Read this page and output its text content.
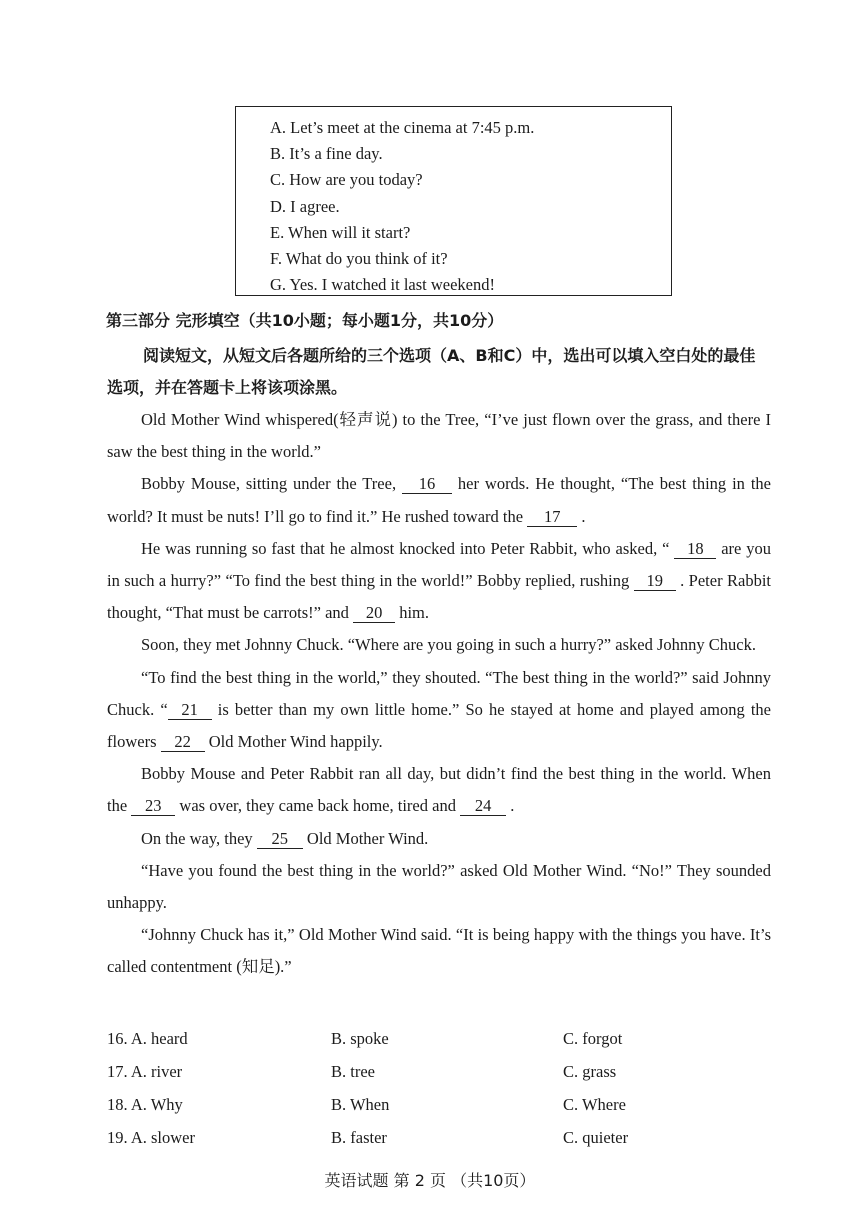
A. Let’s meet at the cinema at 7:45 p.m.
B. It’s a fine day.
C. How are you today?
D. I agree.
E. When will it start?
F. What do you think of it?
G. Yes. I watched it last weekend!
第三部分 完形填空（共10小题；每小题1分，共10分）
阅读短文，从短文后各题所给的三个选项（A、B和C）中，选出可以填入空白处的最佳选项，并在答题卡上将该项涂黑。

Old Mother Wind whispered(轻声说) to the Tree, “I’ve just flown over the grass, and there I saw the best thing in the world.”

Bobby Mouse, sitting under the Tree, 16 her words. He thought, “The best thing in the world? It must be nuts! I’ll go to find it.” He rushed toward the 17 .

He was running so fast that he almost knocked into Peter Rabbit, who asked, “ 18 are you in such a hurry?” “To find the best thing in the world!” Bobby replied, rushing 19 . Peter Rabbit thought, “That must be carrots!” and 20 him.

Soon, they met Johnny Chuck. “Where are you going in such a hurry?” asked Johnny Chuck.

“To find the best thing in the world,” they shouted. “The best thing in the world?” said Johnny Chuck. “ 21 is better than my own little home.” So he stayed at home and played among the flowers 22 Old Mother Wind happily.

Bobby Mouse and Peter Rabbit ran all day, but didn’t find the best thing in the world. When the 23 was over, they came back home, tired and 24 .

On the way, they 25 Old Mother Wind.

“Have you found the best thing in the world?” asked Old Mother Wind. “No!” They sounded unhappy.

“Johnny Chuck has it,” Old Mother Wind said. “It is being happy with the things you have. It’s called contentment (知足).”

16. A. heard	B. spoke	C. forgot
17. A. river	B. tree	C. grass
18. A. Why	B. When	C. Where
19. A. slower	B. faster	C. quieter
英语试题 第 2 页 （共10页）
